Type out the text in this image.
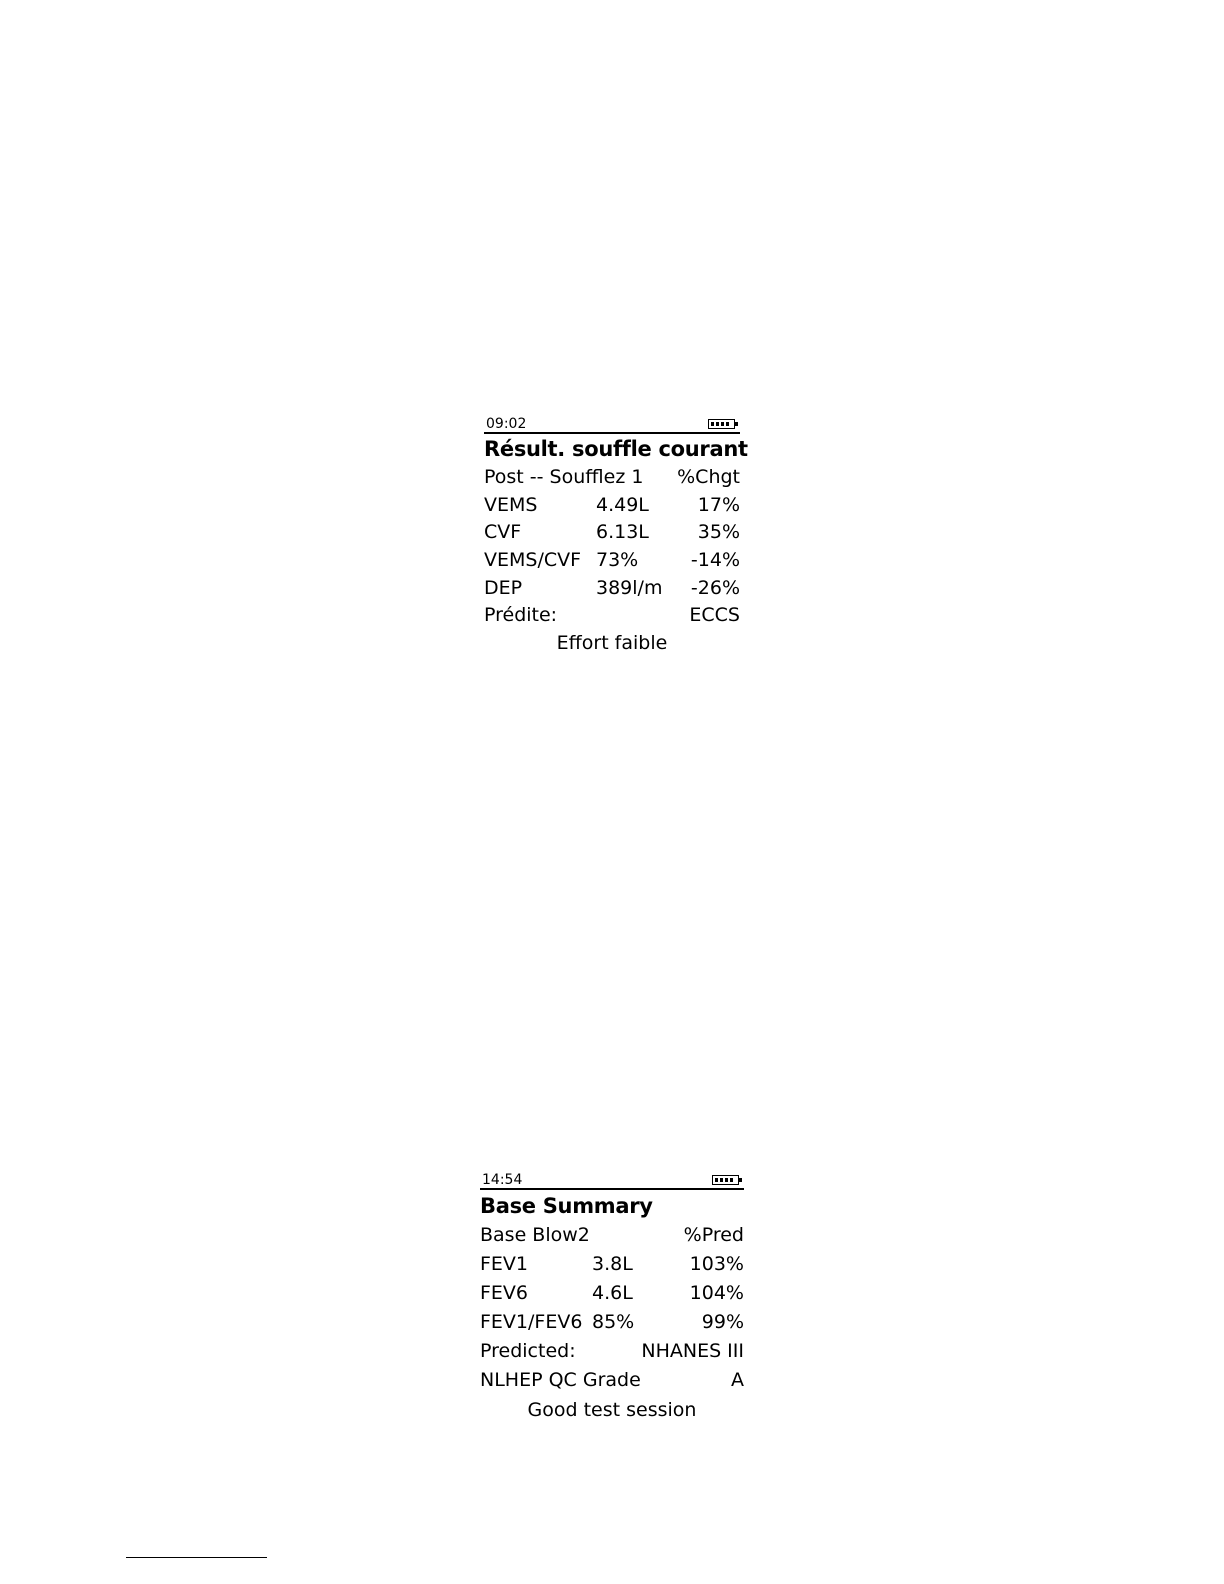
09:02
Résult. souffle courant
Post -- Soufflez 1 %Chgt
VEMS	4.49L	17%
CVF	6.13L	35%
VEMS/CVF 73%	-14%
DEP	389l/m -26%
Prédite:	ECCS
Effort faible
14:54
Base Summary
Base Blow2	%Pred
FEV1	3.8L	103%
FEV6	4.6L	104%
FEV1/FEV6 85%	99%
Predicted:	NHANES III
NLHEP QC Grade	A
Good test session
